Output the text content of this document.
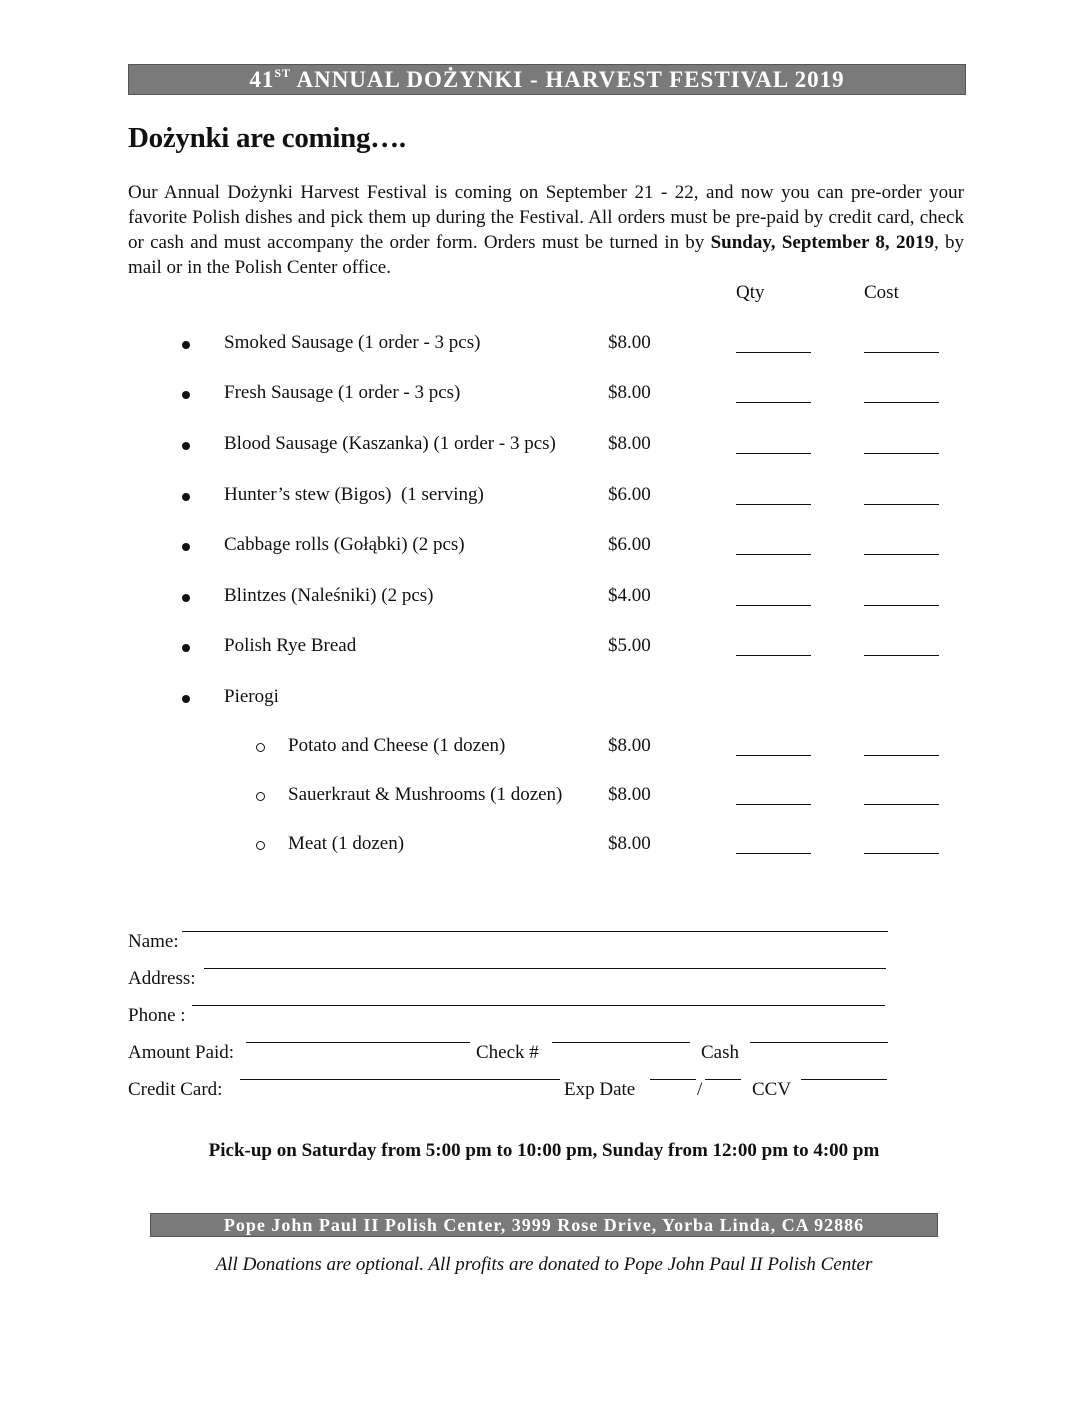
41ST ANNUAL DOŻYNKI - HARVEST FESTIVAL 2019
Dożynki are coming….
Our Annual Dożynki Harvest Festival is coming on September 21 - 22, and now you can pre-order your favorite Polish dishes and pick them up during the Festival. All orders must be pre-paid by credit card, check or cash and must accompany the order form. Orders must be turned in by Sunday, September 8, 2019, by mail or in the Polish Center office.
Qty	Cost
Smoked Sausage (1 order - 3 pcs)	$8.00
Fresh Sausage (1 order - 3 pcs)	$8.00
Blood Sausage (Kaszanka) (1 order - 3 pcs)	$8.00
Hunter’s stew (Bigos)  (1 serving)	$6.00
Cabbage rolls (Gołąbki) (2 pcs)	$6.00
Blintzes (Naleśniki) (2 pcs)	$4.00
Polish Rye Bread	$5.00
Pierogi
Potato and Cheese (1 dozen)	$8.00
Sauerkraut & Mushrooms (1 dozen) $8.00
Meat (1 dozen)	$8.00
Name:
Address:
Phone :
Amount Paid:	Check #	Cash
Credit Card:	Exp Date	/	CCV
Pick-up on Saturday from 5:00 pm to 10:00 pm, Sunday from 12:00 pm to 4:00 pm
Pope John Paul II Polish Center, 3999 Rose Drive, Yorba Linda, CA 92886
All Donations are optional. All profits are donated to Pope John Paul II Polish Center
